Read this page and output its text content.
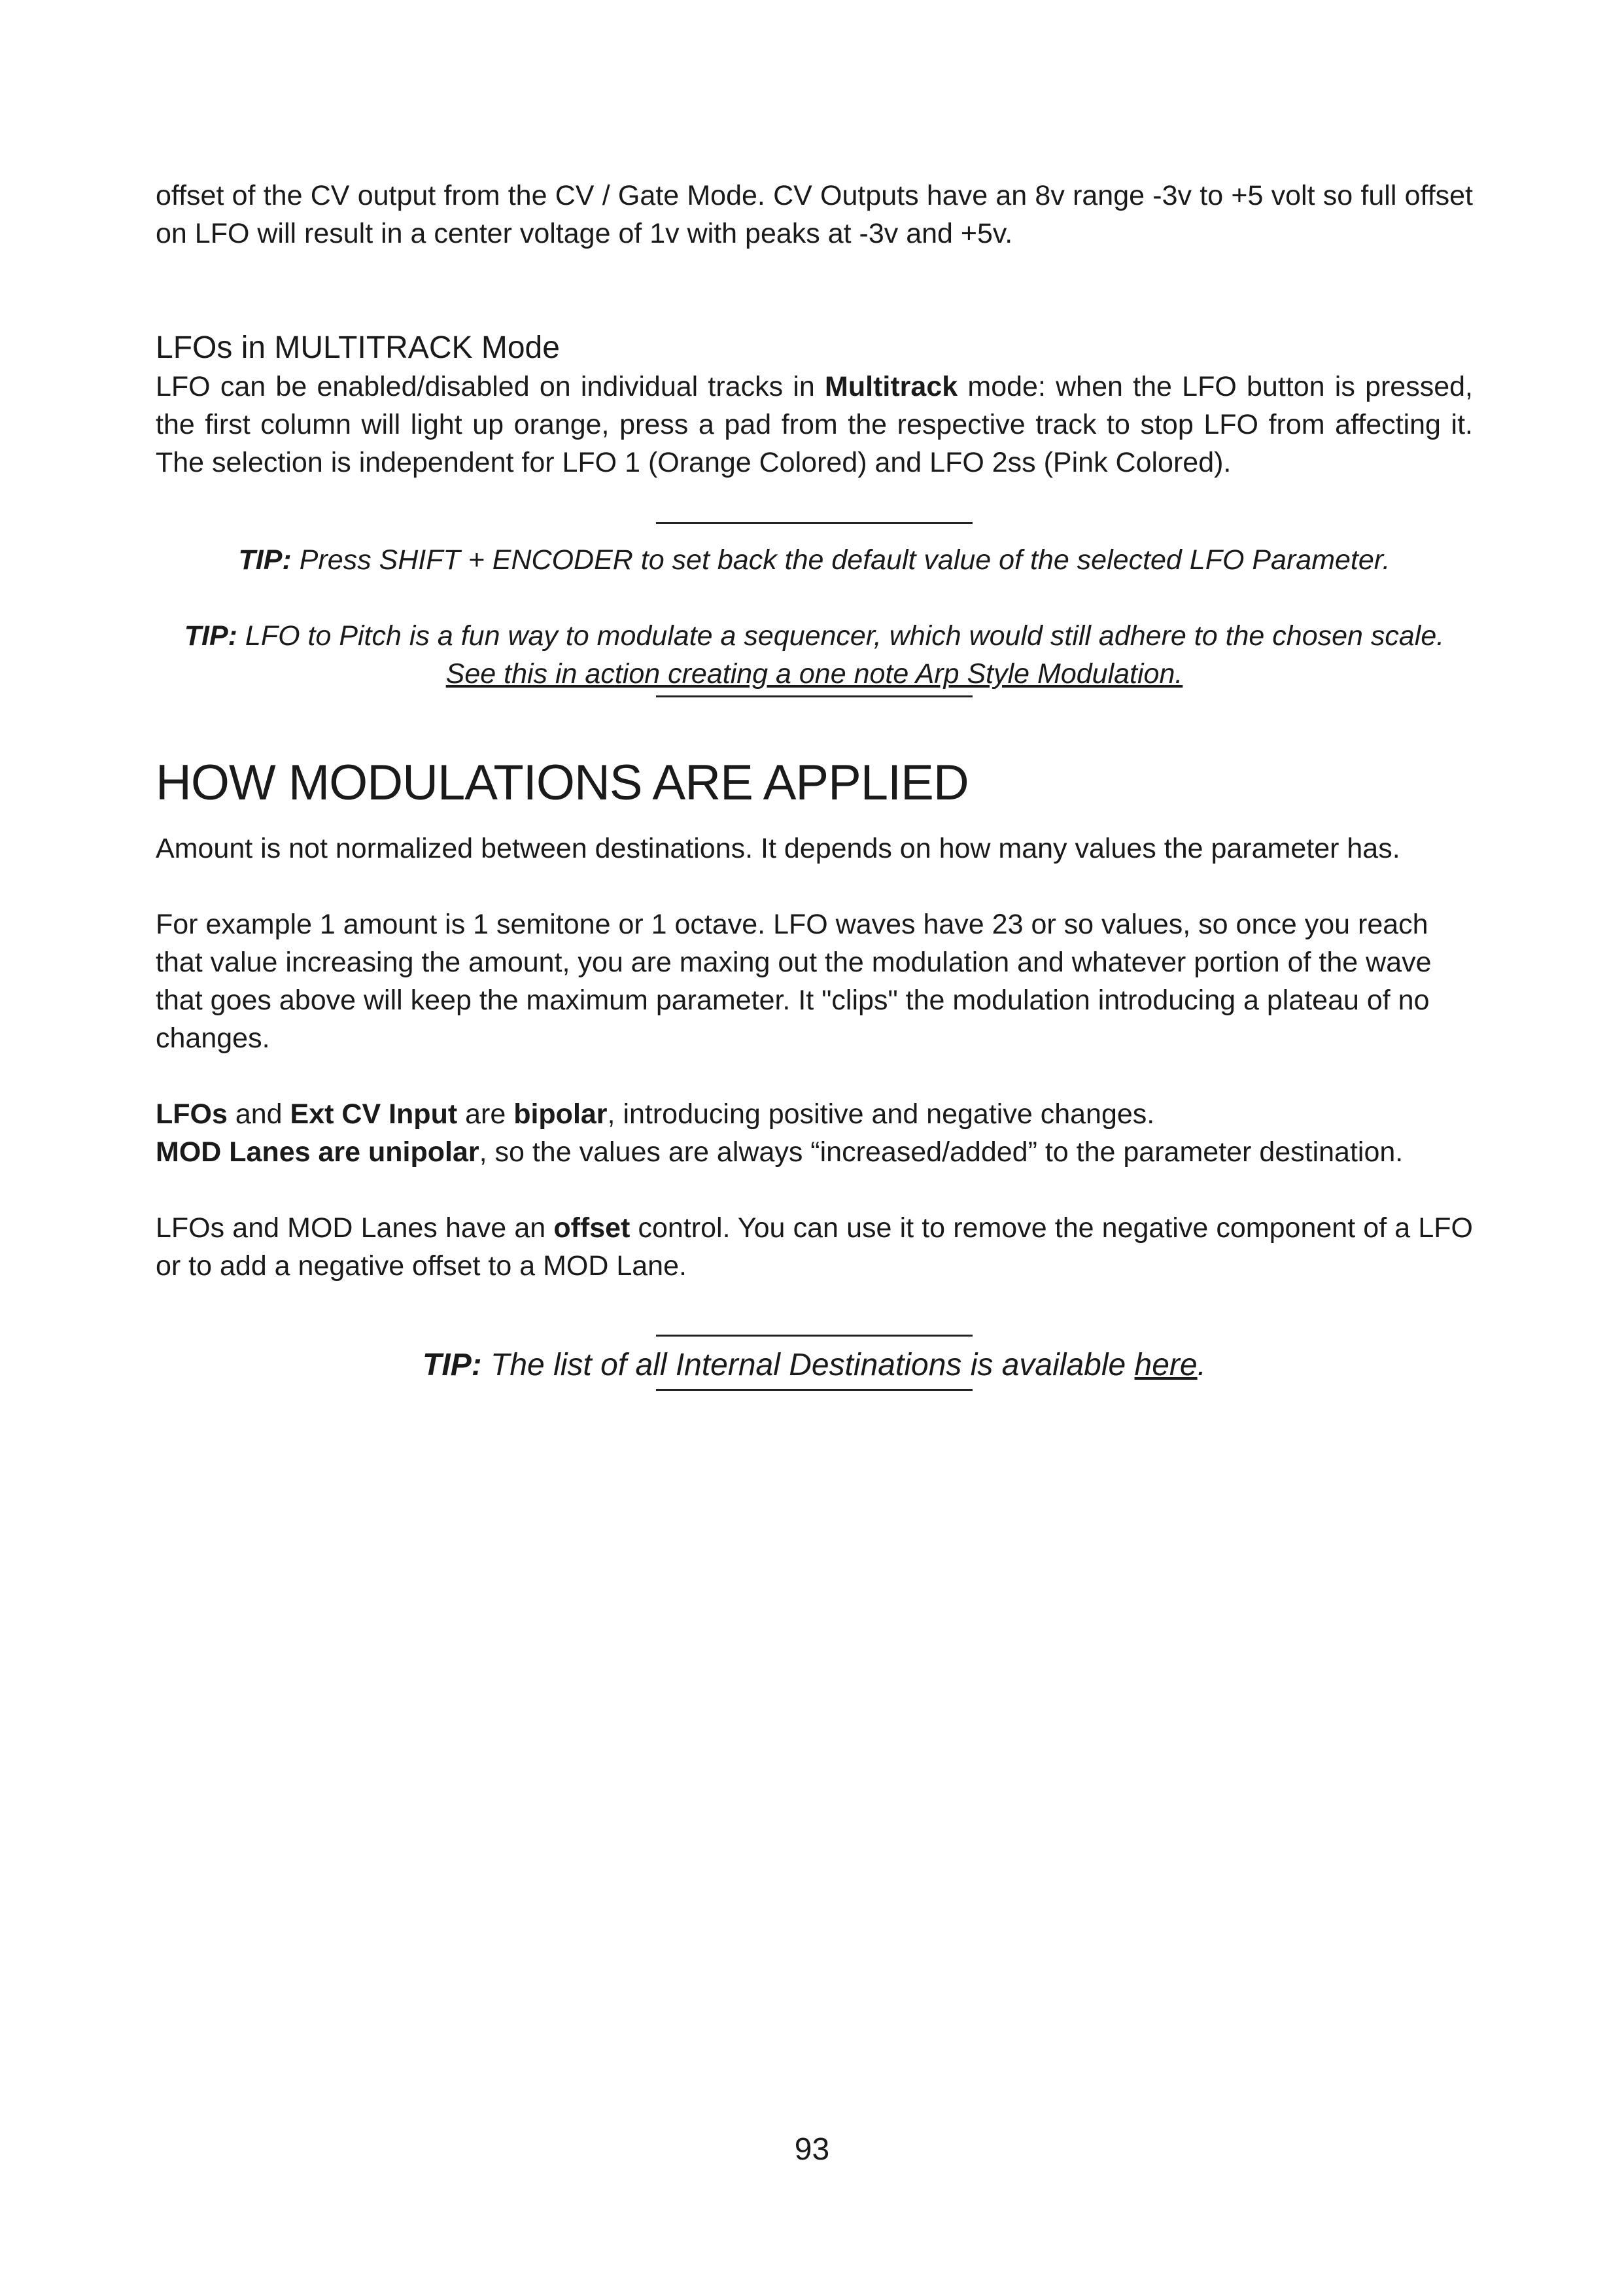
offset of the CV output from the CV / Gate Mode. CV Outputs have an 8v range -3v to +5 volt so full offset on LFO will result in a center voltage of 1v with peaks at -3v and +5v.

LFOs in MULTITRACK Mode

LFO can be enabled/disabled on individual tracks in Multitrack mode: when the LFO button is pressed, the first column will light up orange, press a pad from the respective track to stop LFO from affecting it. The selection is independent for LFO 1 (Orange Colored) and LFO 2ss (Pink Colored).

TIP: Press SHIFT + ENCODER to set back the default value of the selected LFO Parameter.

TIP: LFO to Pitch is a fun way to modulate a sequencer, which would still adhere to the chosen scale.

See this in action creating a one note Arp Style Modulation.

HOW MODULATIONS ARE APPLIED

Amount is not normalized between destinations. It depends on how many values the parameter has.

For example 1 amount is 1 semitone or 1 octave. LFO waves have 23 or so values, so once you reach that value increasing the amount, you are maxing out the modulation and whatever portion of the wave that goes above will keep the maximum parameter. It "clips" the modulation introducing a plateau of no changes.

LFOs and Ext CV Input are bipolar, introducing positive and negative changes.

MOD Lanes are unipolar, so the values are always “increased/added” to the parameter destination.

LFOs and MOD Lanes have an offset control. You can use it to remove the negative component of a LFO or to add a negative offset to a MOD Lane.

TIP: The list of all Internal Destinations is available here.

93
